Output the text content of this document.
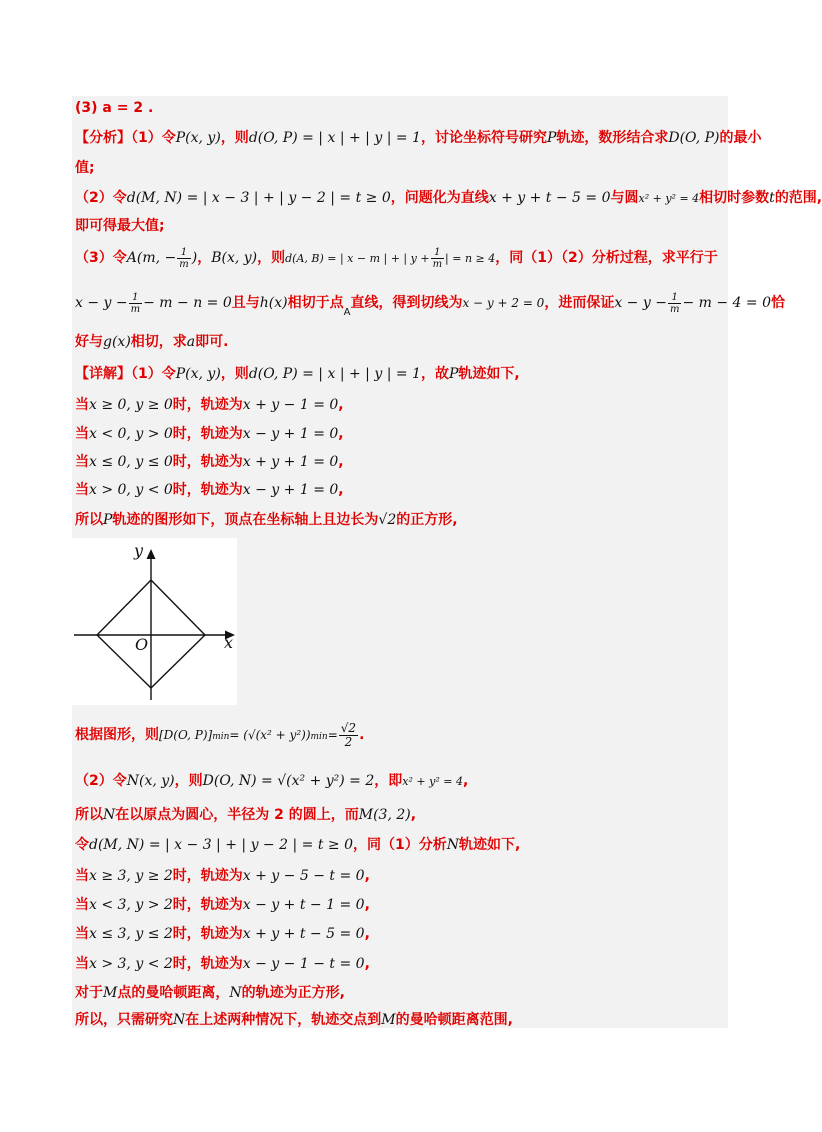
(3) a = 2 .
【分析】（1）令P(x, y)，则d(O, P) = | x | + | y | = 1，讨论坐标符号研究P轨迹，数形结合求D(O, P)的最小
值;
（2）令d(M, N) = | x − 3 | + | y − 2 | = t ≥ 0，问题化为直线x + y + t − 5 = 0与圆x² + y² = 4相切时参数t的范围,
即可得最大值;
（3）令A(m, − $\frac{1}{m}$ )，B(x, y)，则d(A, B) = | x − m | + | $y + \frac{1}{m}$ | = n ≥ 4，同（1）（2）分析过程，求平行于
$x - y - \frac{1}{m} - m - n = 0$且与h(x)相切于点$_A$直线，得到切线为x − y + 2 = 0，进而保证$x - y - \frac{1}{m} - m - 4 = 0$恰
好与g(x)相切，求a即可.
【详解】（1）令P(x, y)，则d(O, P) = | x | + | y | = 1，故P轨迹如下,
当x ≥ 0, y ≥ 0时，轨迹为x + y − 1 = 0,
当x < 0, y > 0时，轨迹为x − y + 1 = 0,
当x ≤ 0, y ≤ 0时，轨迹为x + y + 1 = 0,
当x > 0, y < 0时，轨迹为x − y + 1 = 0,
所以P轨迹的图形如下，顶点在坐标轴上且边长为√2的正方形,
y
x
O
根据图形，则[D(O, $P)]\min= (√(x^2 + y^2))\min= \frac{√2}{2}$ .
（2）令N(x, y)，则D(O, N) = √(x² + y²) = 2，即x² + y² = 4,
所以N在以原点为圆心，半径为 2 的圆上，而M(3, 2),
令d(M, N) = | x − 3 | + | y − 2 | = t ≥ 0，同（1）分析N轨迹如下,
当x ≥ 3, y ≥ 2时，轨迹为x + y − 5 − t = 0,
当x < 3, y > 2时，轨迹为x − y + t − 1 = 0,
当x ≤ 3, y ≤ 2时，轨迹为x + y + t − 5 = 0,
当x > 3, y < 2时，轨迹为x − y − 1 − t = 0,
对于M点的曼哈顿距离，N的轨迹为正方形,
所以，只需研究N在上述两种情况下，轨迹交点到M的曼哈顿距离范围,
